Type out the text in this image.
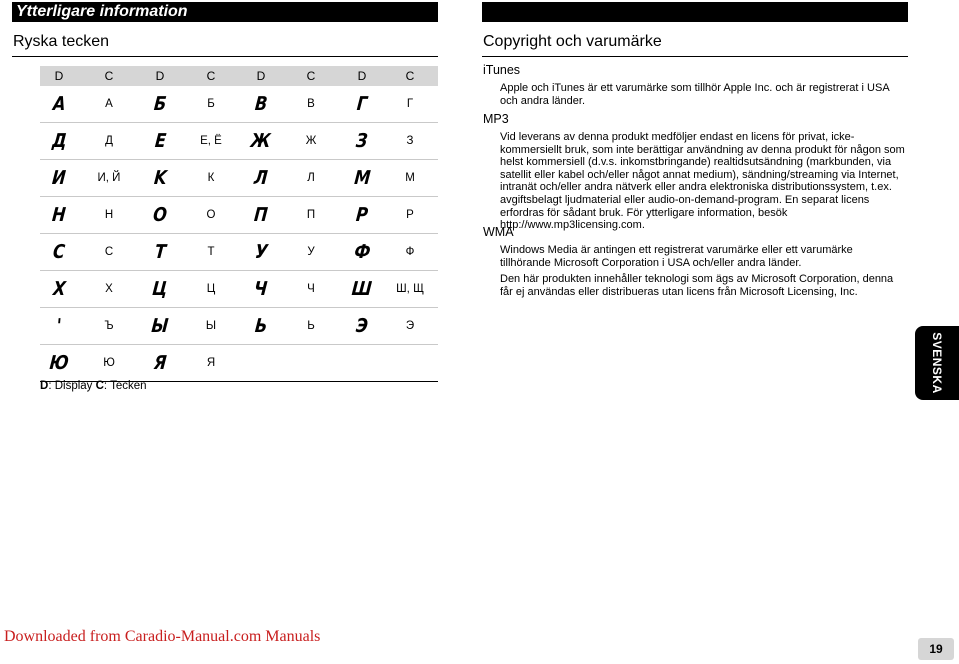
Ytterligare information
Ryska tecken
D	C	D	C	D	C	D	C
A	А	Б	Б	B	В	Г	Г
Д	Д	E	Е, Ё	Ж	Ж	З	З
И	И, Й	K	К	Л	Л	M	М
H	Н	O	О	П	П	P	Р
C	С	T	Т	У	У	Ф	Ф
X	Х	Ц	Ц	Ч	Ч	Ш	Ш, Щ
'	Ъ	Ы	Ы	Ь	Ь	Э	Э
Ю	Ю	Я	Я				
D: Display C: Tecken
Copyright och varumärke
iTunes

Apple och iTunes är ett varumärke som tillhör Apple Inc. och är registrerat i USA och andra länder.

MP3

Vid leverans av denna produkt medföljer endast en licens för privat, icke-kommersiellt bruk, som inte berättigar användning av denna produkt för någon som helst kommersiell (d.v.s. inkomstbringande) realtidsutsändning (markbunden, via satellit eller kabel och/eller något annat medium), sändning/streaming via Internet, intranät och/eller andra nätverk eller andra elektroniska distributionssystem, t.ex. avgiftsbelagt ljudmaterial eller audio-on-demand-program. En separat licens erfordras för sådant bruk. För ytterligare information, besök http://www.mp3licensing.com.

WMA

Windows Media är antingen ett registrerat varumärke eller ett varumärke tillhörande Microsoft Corporation i USA och/eller andra länder.

Den här produkten innehåller teknologi som ägs av Microsoft Corporation, denna får ej användas eller distribueras utan licens från Microsoft Licensing, Inc.

SVENSKA
Downloaded from Caradio-Manual.com Manuals
19
